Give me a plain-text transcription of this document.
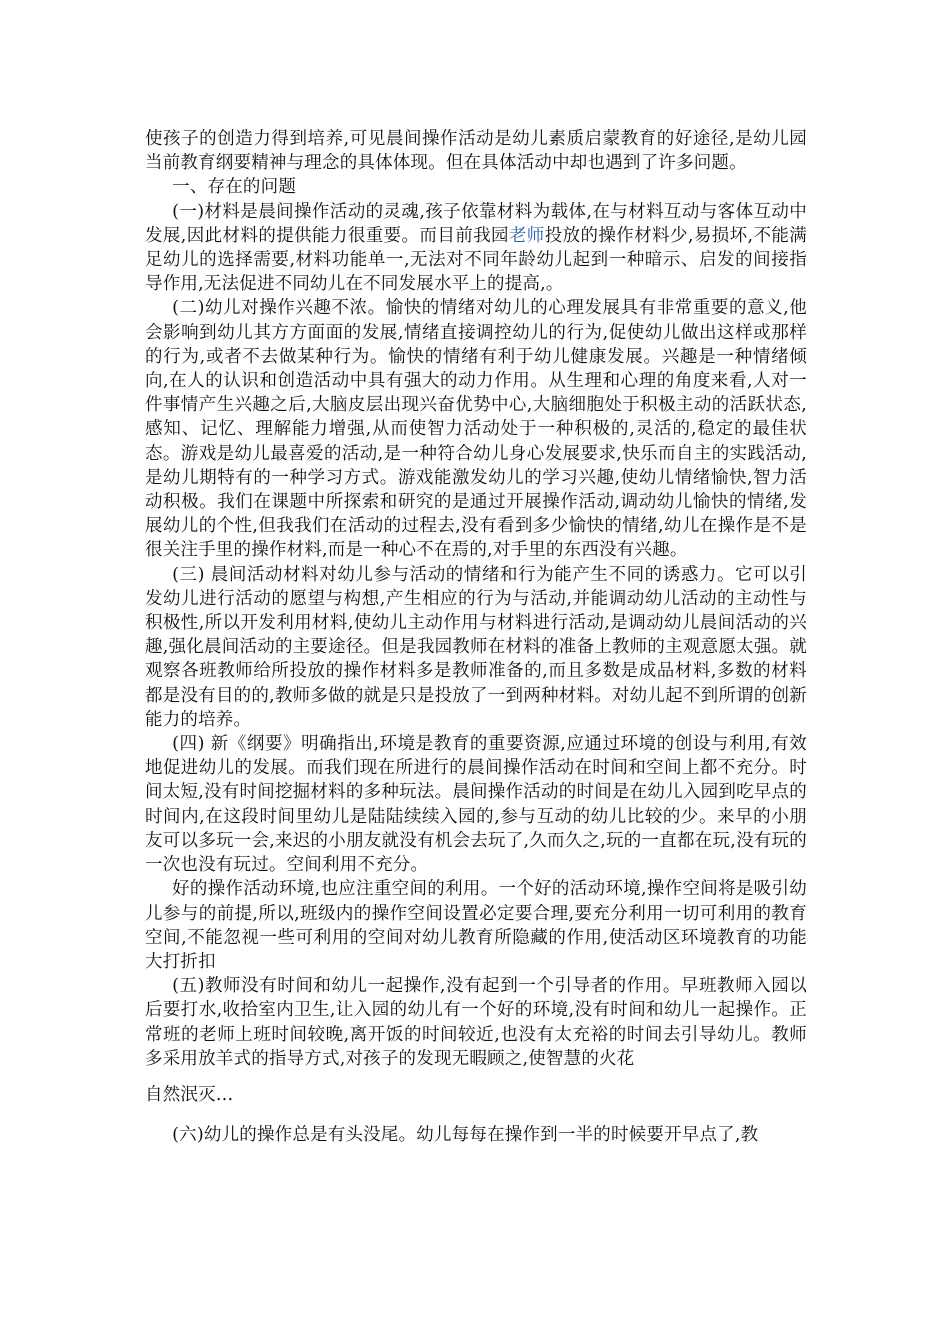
使孩子的创造力得到培养,可见晨间操作活动是幼儿素质启蒙教育的好途径,是幼儿园当前教育纲要精神与理念的具体体现。但在具体活动中却也遇到了许多问题。

一、存在的问题

(一)材料是晨间操作活动的灵魂,孩子依靠材料为载体,在与材料互动与客体互动中发展,因此材料的提供能力很重要。而目前我园老师投放的操作材料少,易损坏,不能满足幼儿的选择需要,材料功能单一,无法对不同年龄幼儿起到一种暗示、启发的间接指导作用,无法促进不同幼儿在不同发展水平上的提高,。

(二)幼儿对操作兴趣不浓。愉快的情绪对幼儿的心理发展具有非常重要的意义,他会影响到幼儿其方方面面的发展,情绪直接调控幼儿的行为,促使幼儿做出这样或那样的行为,或者不去做某种行为。愉快的情绪有利于幼儿健康发展。兴趣是一种情绪倾向,在人的认识和创造活动中具有强大的动力作用。从生理和心理的角度来看,人对一件事情产生兴趣之后,大脑皮层出现兴奋优势中心,大脑细胞处于积极主动的活跃状态,感知、记忆、理解能力增强,从而使智力活动处于一种积极的,灵活的,稳定的最佳状态。游戏是幼儿最喜爱的活动,是一种符合幼儿身心发展要求,快乐而自主的实践活动,是幼儿期特有的一种学习方式。游戏能激发幼儿的学习兴趣,使幼儿情绪愉快,智力活动积极。我们在课题中所探索和研究的是通过开展操作活动,调动幼儿愉快的情绪,发展幼儿的个性,但我我们在活动的过程去,没有看到多少愉快的情绪,幼儿在操作是不是很关注手里的操作材料,而是一种心不在焉的,对手里的东西没有兴趣。

(三) 晨间活动材料对幼儿参与活动的情绪和行为能产生不同的诱惑力。它可以引发幼儿进行活动的愿望与构想,产生相应的行为与活动,并能调动幼儿活动的主动性与积极性,所以开发利用材料,使幼儿主动作用与材料进行活动,是调动幼儿晨间活动的兴趣,强化晨间活动的主要途径。但是我园教师在材料的准备上教师的主观意愿太强。就观察各班教师给所投放的操作材料多是教师准备的,而且多数是成品材料,多数的材料都是没有目的的,教师多做的就是只是投放了一到两种材料。对幼儿起不到所谓的创新能力的培养。

(四) 新《纲要》明确指出,环境是教育的重要资源,应通过环境的创设与利用,有效地促进幼儿的发展。而我们现在所进行的晨间操作活动在时间和空间上都不充分。时间太短,没有时间挖掘材料的多种玩法。晨间操作活动的时间是在幼儿入园到吃早点的时间内,在这段时间里幼儿是陆陆续续入园的,参与互动的幼儿比较的少。来早的小朋友可以多玩一会,来迟的小朋友就没有机会去玩了,久而久之,玩的一直都在玩,没有玩的一次也没有玩过。空间利用不充分。

好的操作活动环境,也应注重空间的利用。一个好的活动环境,操作空间将是吸引幼儿参与的前提,所以,班级内的操作空间设置必定要合理,要充分利用一切可利用的教育空间,不能忽视一些可利用的空间对幼儿教育所隐藏的作用,使活动区环境教育的功能大打折扣

(五)教师没有时间和幼儿一起操作,没有起到一个引导者的作用。早班教师入园以后要打水,收拾室内卫生,让入园的幼儿有一个好的环境,没有时间和幼儿一起操作。正常班的老师上班时间较晚,离开饭的时间较近,也没有太充裕的时间去引导幼儿。教师多采用放羊式的指导方式,对孩子的发现无暇顾之,使智慧的火花

自然泯灭…

(六)幼儿的操作总是有头没尾。幼儿每每在操作到一半的时候要开早点了,教
